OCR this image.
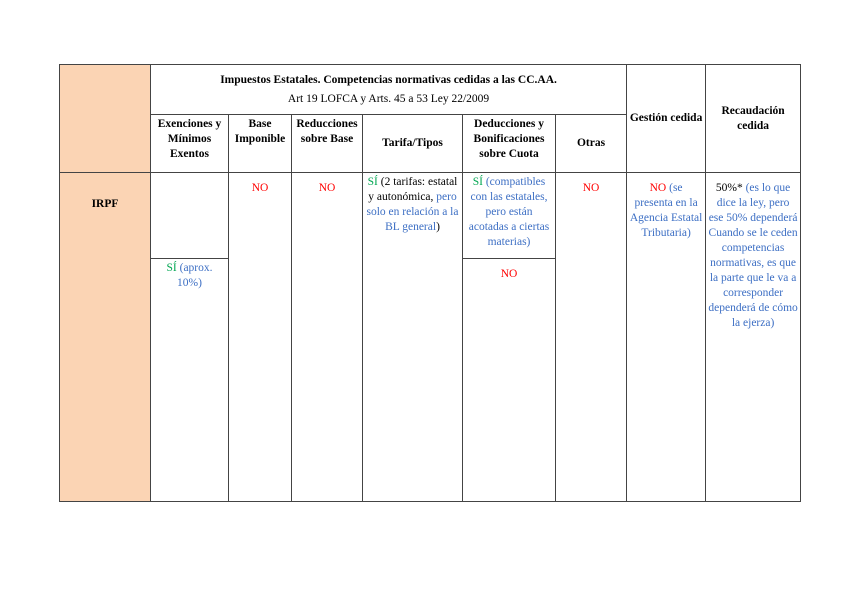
	Impuestos Estatales. Competencias normativas cedidas a las CC.AA.
Art 19 LOFCA y Arts. 45 a 53 Ley 22/2009						Gestión cedida	Recaudación cedida
	Exenciones y Mínimos Exentos	Base Imponible	Reducciones sobre Base	Tarifa/Tipos	Deducciones y Bonificaciones sobre Cuota	Otras		
IRPF		NO	NO	SÍ (2 tarifas: estatal y autonómica, pero solo en relación a la BL general)	SÍ (compatibles con las estatales, pero están acotadas a ciertas materias)	NO	NO (se presenta en la Agencia Estatal Tributaria)	50%* (es lo que dice la ley, pero ese 50% dependerá Cuando se le ceden competencias normativas, es que la parte que le va a corresponder dependerá de cómo la ejerza)
	SÍ (aprox. 10%)				NO			
